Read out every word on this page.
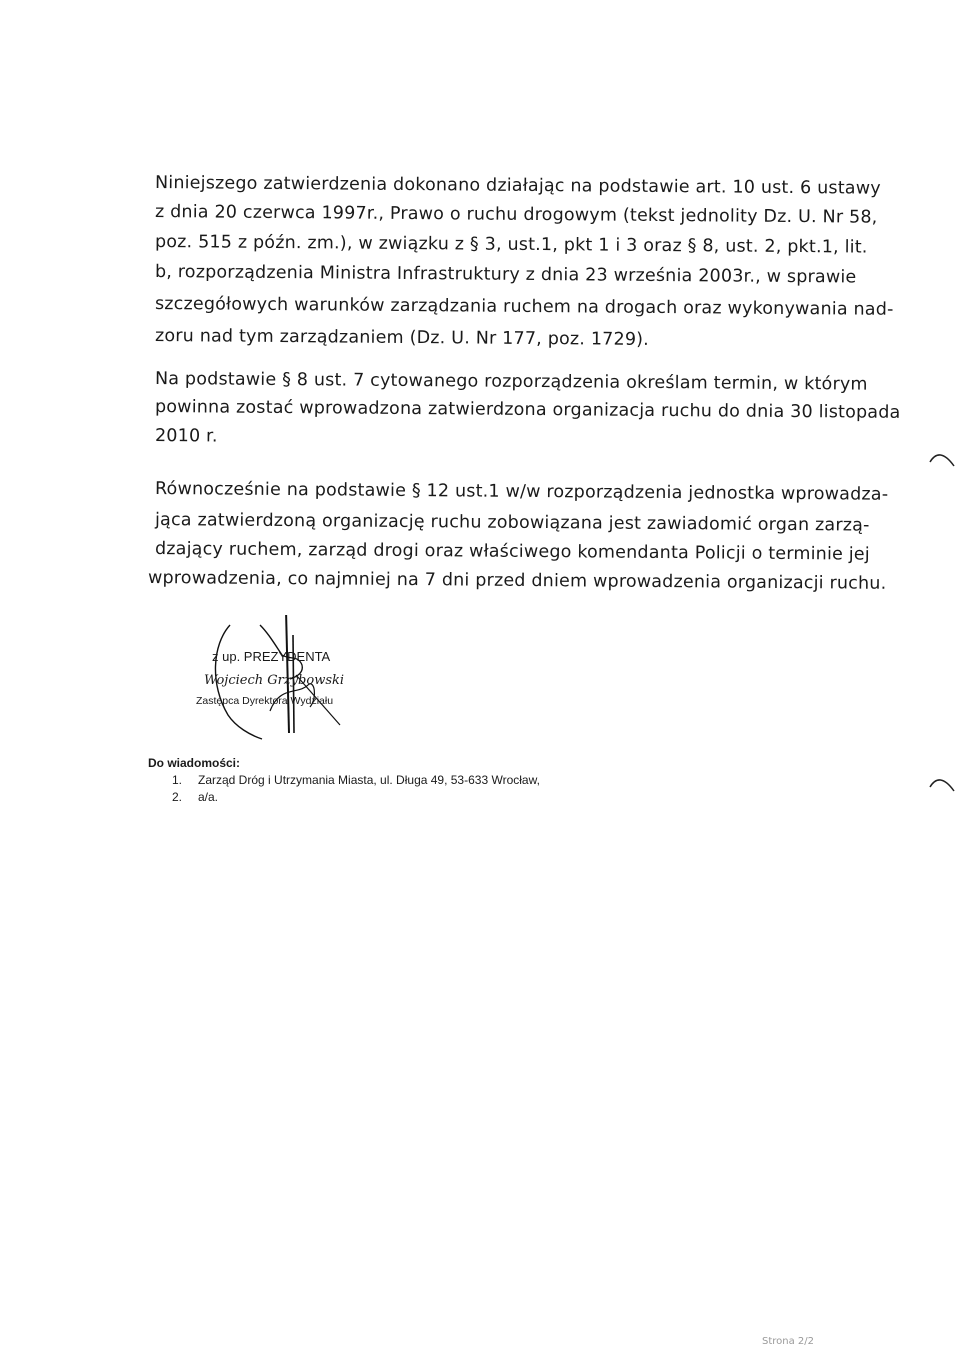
Niniejszego zatwierdzenia dokonano działając na podstawie art. 10 ust. 6 ustawy
z dnia 20 czerwca 1997r., Prawo o ruchu drogowym (tekst jednolity Dz. U. Nr 58,
poz. 515 z późn. zm.), w związku z § 3, ust.1, pkt 1 i 3 oraz § 8, ust. 2, pkt.1, lit.
b, rozporządzenia Ministra Infrastruktury z dnia 23 września 2003r., w sprawie
szczegółowych warunków zarządzania ruchem na drogach oraz wykonywania nad-
zoru nad tym zarządzaniem (Dz. U. Nr 177, poz. 1729).
Na podstawie § 8 ust. 7 cytowanego rozporządzenia określam termin, w którym
powinna zostać wprowadzona zatwierdzona organizacja ruchu do dnia 30 listopada
2010 r.
Równocześnie na podstawie § 12 ust.1 w/w rozporządzenia jednostka wprowadza-
jąca zatwierdzoną organizację ruchu zobowiązana jest zawiadomić organ zarzą-
dzający ruchem, zarząd drogi oraz właściwego komendanta Policji o terminie jej
wprowadzenia, co najmniej na 7 dni przed dniem wprowadzenia organizacji ruchu.
z up. PREZYDENTA
Wojciech Grzybowski
Zastępca Dyrektora Wydziału
Do wiadomości:
1.	Zarząd Dróg i Utrzymania Miasta, ul. Długa 49, 53-633 Wrocław,
2.	a/a.
Strona 2/2
